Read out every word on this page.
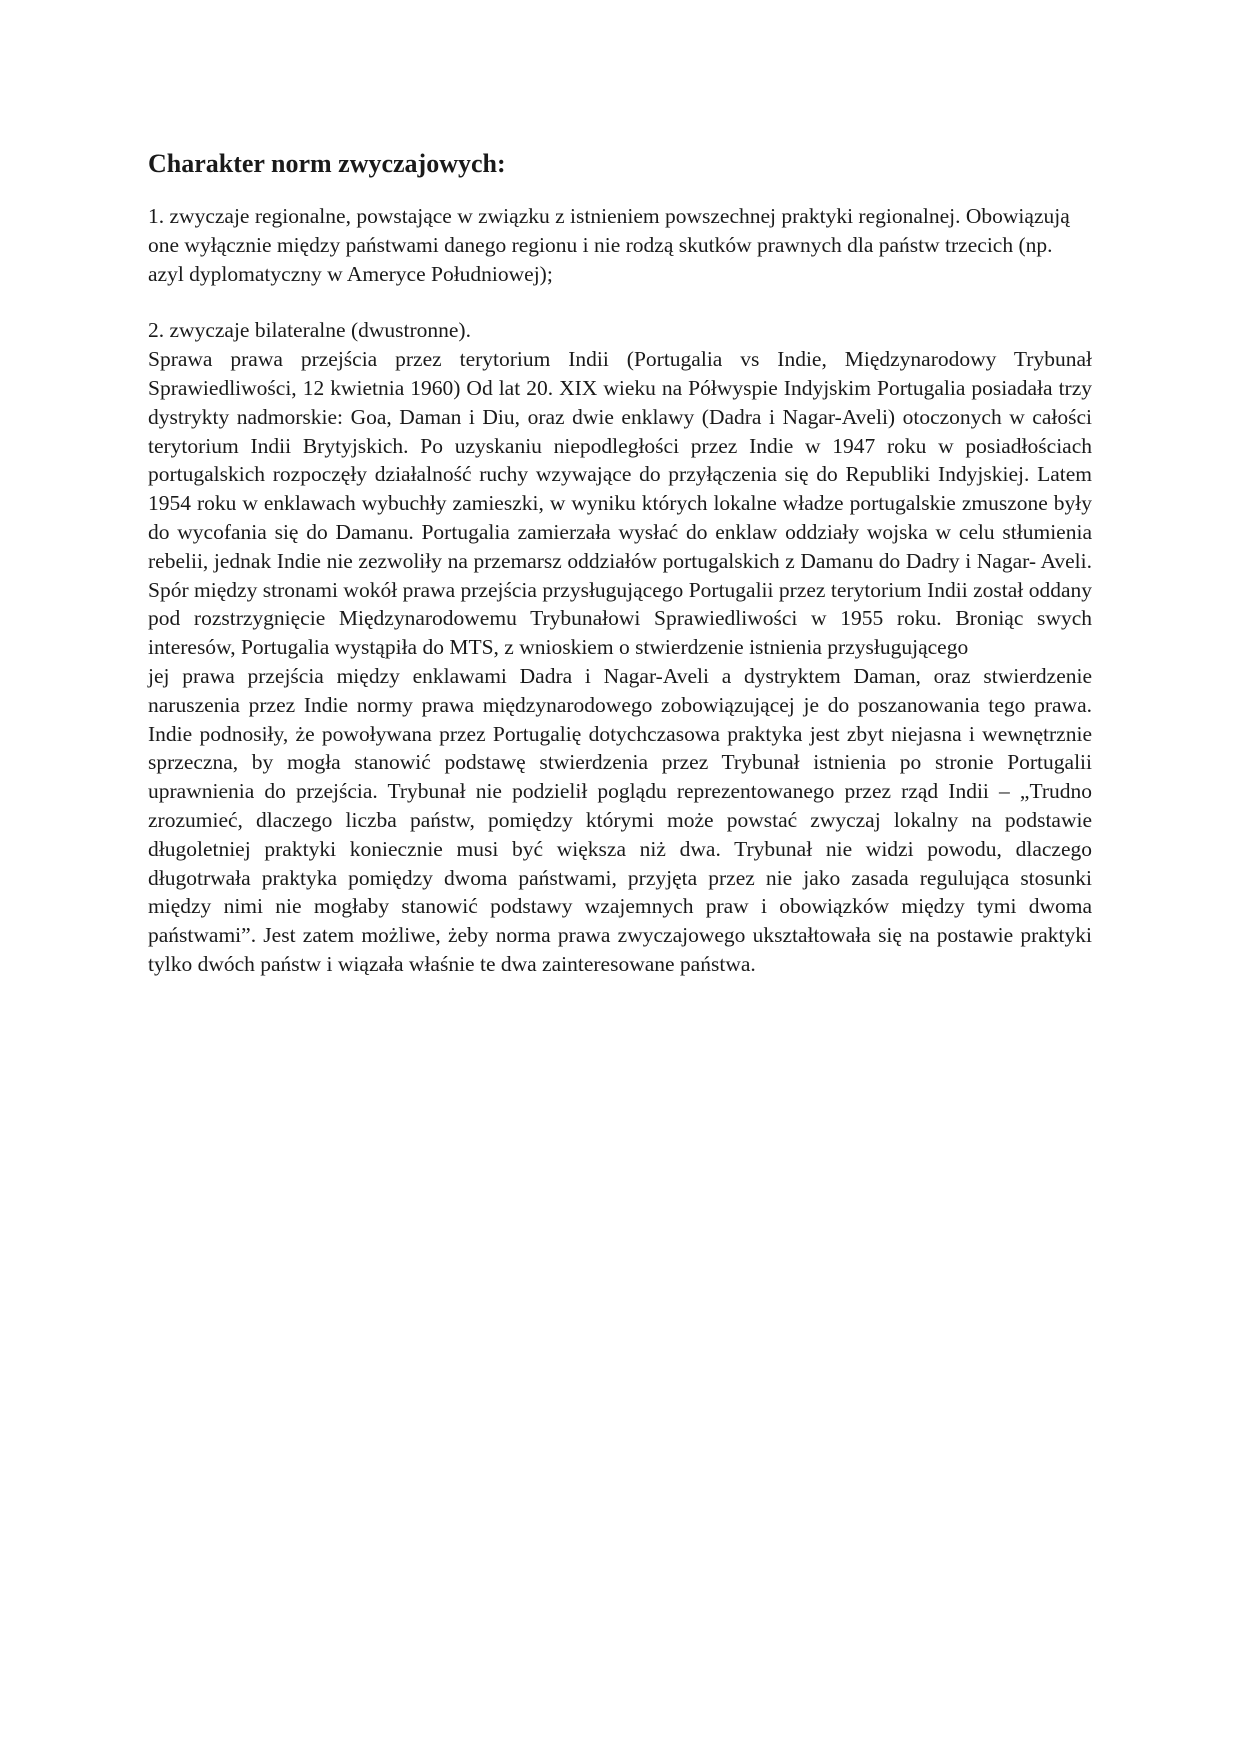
Charakter norm zwyczajowych:

1. zwyczaje regionalne, powstające w związku z istnieniem powszechnej praktyki regionalnej. Obowiązują one wyłącznie między państwami danego regionu i nie rodzą skutków prawnych dla państw trzecich (np. azyl dyplomatyczny w Ameryce Południowej);

2. zwyczaje bilateralne (dwustronne).

Sprawa prawa przejścia przez terytorium Indii (Portugalia vs Indie, Międzynarodowy Trybunał Sprawiedliwości, 12 kwietnia 1960) Od lat 20. XIX wieku na Półwyspie Indyjskim Portugalia posiadała trzy dystrykty nadmorskie: Goa, Daman i Diu, oraz dwie enklawy (Dadra i Nagar-Aveli) otoczonych w całości terytorium Indii Brytyjskich. Po uzyskaniu niepodległości przez Indie w 1947 roku w posiadłościach portugalskich rozpoczęły działalność ruchy wzywające do przyłączenia się do Republiki Indyjskiej. Latem 1954 roku w enklawach wybuchły zamieszki, w wyniku których lokalne władze portugalskie zmuszone były do wycofania się do Damanu. Portugalia zamierzała wysłać do enklaw oddziały wojska w celu stłumienia rebelii, jednak Indie nie zezwoliły na przemarsz oddziałów portugalskich z Damanu do Dadry i Nagar- Aveli. Spór między stronami wokół prawa przejścia przysługującego Portugalii przez terytorium Indii został oddany pod rozstrzygnięcie Międzynarodowemu Trybunałowi Sprawiedliwości w 1955 roku. Broniąc swych interesów, Portugalia wystąpiła do MTS, z wnioskiem o stwierdzenie istnienia przysługującego

jej prawa przejścia między enklawami Dadra i Nagar-Aveli a dystryktem Daman, oraz stwierdzenie naruszenia przez Indie normy prawa międzynarodowego zobowiązującej je do poszanowania tego prawa. Indie podnosiły, że powoływana przez Portugalię dotychczasowa praktyka jest zbyt niejasna i wewnętrznie sprzeczna, by mogła stanowić podstawę stwierdzenia przez Trybunał istnienia po stronie Portugalii uprawnienia do przejścia. Trybunał nie podzielił poglądu reprezentowanego przez rząd Indii – „Trudno zrozumieć, dlaczego liczba państw, pomiędzy którymi może powstać zwyczaj lokalny na podstawie długoletniej praktyki koniecznie musi być większa niż dwa. Trybunał nie widzi powodu, dlaczego długotrwała praktyka pomiędzy dwoma państwami, przyjęta przez nie jako zasada regulująca stosunki między nimi nie mogłaby stanowić podstawy wzajemnych praw i obowiązków między tymi dwoma państwami”. Jest zatem możliwe, żeby norma prawa zwyczajowego ukształtowała się na postawie praktyki tylko dwóch państw i wiązała właśnie te dwa zainteresowane państwa.
